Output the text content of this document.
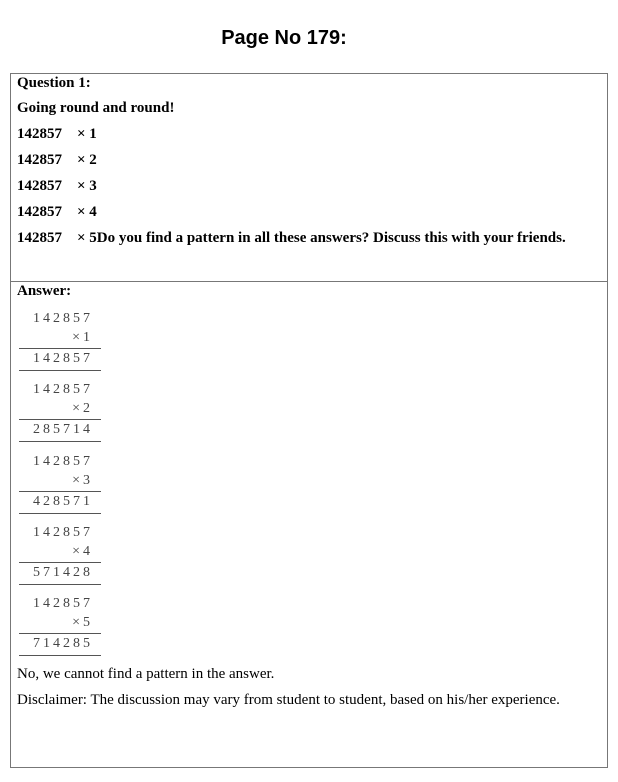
Page No 179:
Question 1:
Going round and round!
142857 × 1
142857 × 2
142857 × 3
142857 × 4
142857 × 5Do you find a pattern in all these answers? Discuss this with your friends.
Answer:
142857
×1
142857
142857
×2
285714
142857
×3
428571
142857
×4
571428
142857
×5
714285
No, we cannot find a pattern in the answer.
Disclaimer: The discussion may vary from student to student, based on his/her experience.
